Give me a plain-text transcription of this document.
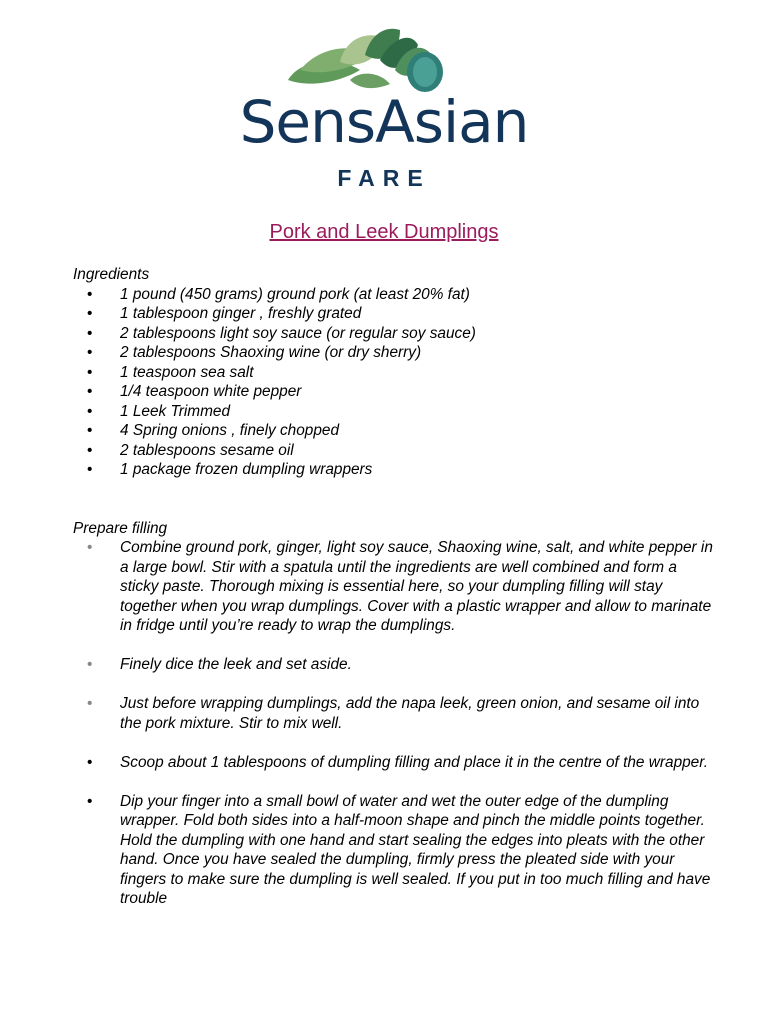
SensAsian
FARE
Pork and Leek Dumplings

Ingredients

• 1 pound (450 grams) ground pork (at least 20% fat)
• 1 tablespoon ginger , freshly grated
• 2 tablespoons light soy sauce (or regular soy sauce)
• 2 tablespoons Shaoxing wine (or dry sherry)
• 1 teaspoon sea salt
• 1/4 teaspoon white pepper
• 1 Leek Trimmed
• 4 Spring onions , finely chopped
• 2 tablespoons sesame oil
• 1 package frozen dumpling wrappers

Prepare filling

• Combine ground pork, ginger, light soy sauce, Shaoxing wine, salt, and white pepper in a large bowl. Stir with a spatula until the ingredients are well combined and form a sticky paste. Thorough mixing is essential here, so your dumpling filling will stay together when you wrap dumplings. Cover with a plastic wrapper and allow to marinate in fridge until you’re ready to wrap the dumplings.
• Finely dice the leek and set aside.
• Just before wrapping dumplings, add the napa leek, green onion, and sesame oil into the pork mixture. Stir to mix well.
• Scoop about 1 tablespoons of dumpling filling and place it in the centre of the wrapper.
• Dip your finger into a small bowl of water and wet the outer edge of the dumpling wrapper. Fold both sides into a half-moon shape and pinch the middle points together. Hold the dumpling with one hand and start sealing the edges into pleats with the other hand. Once you have sealed the dumpling, firmly press the pleated side with your fingers to make sure the dumpling is well sealed. If you put in too much filling and have trouble
